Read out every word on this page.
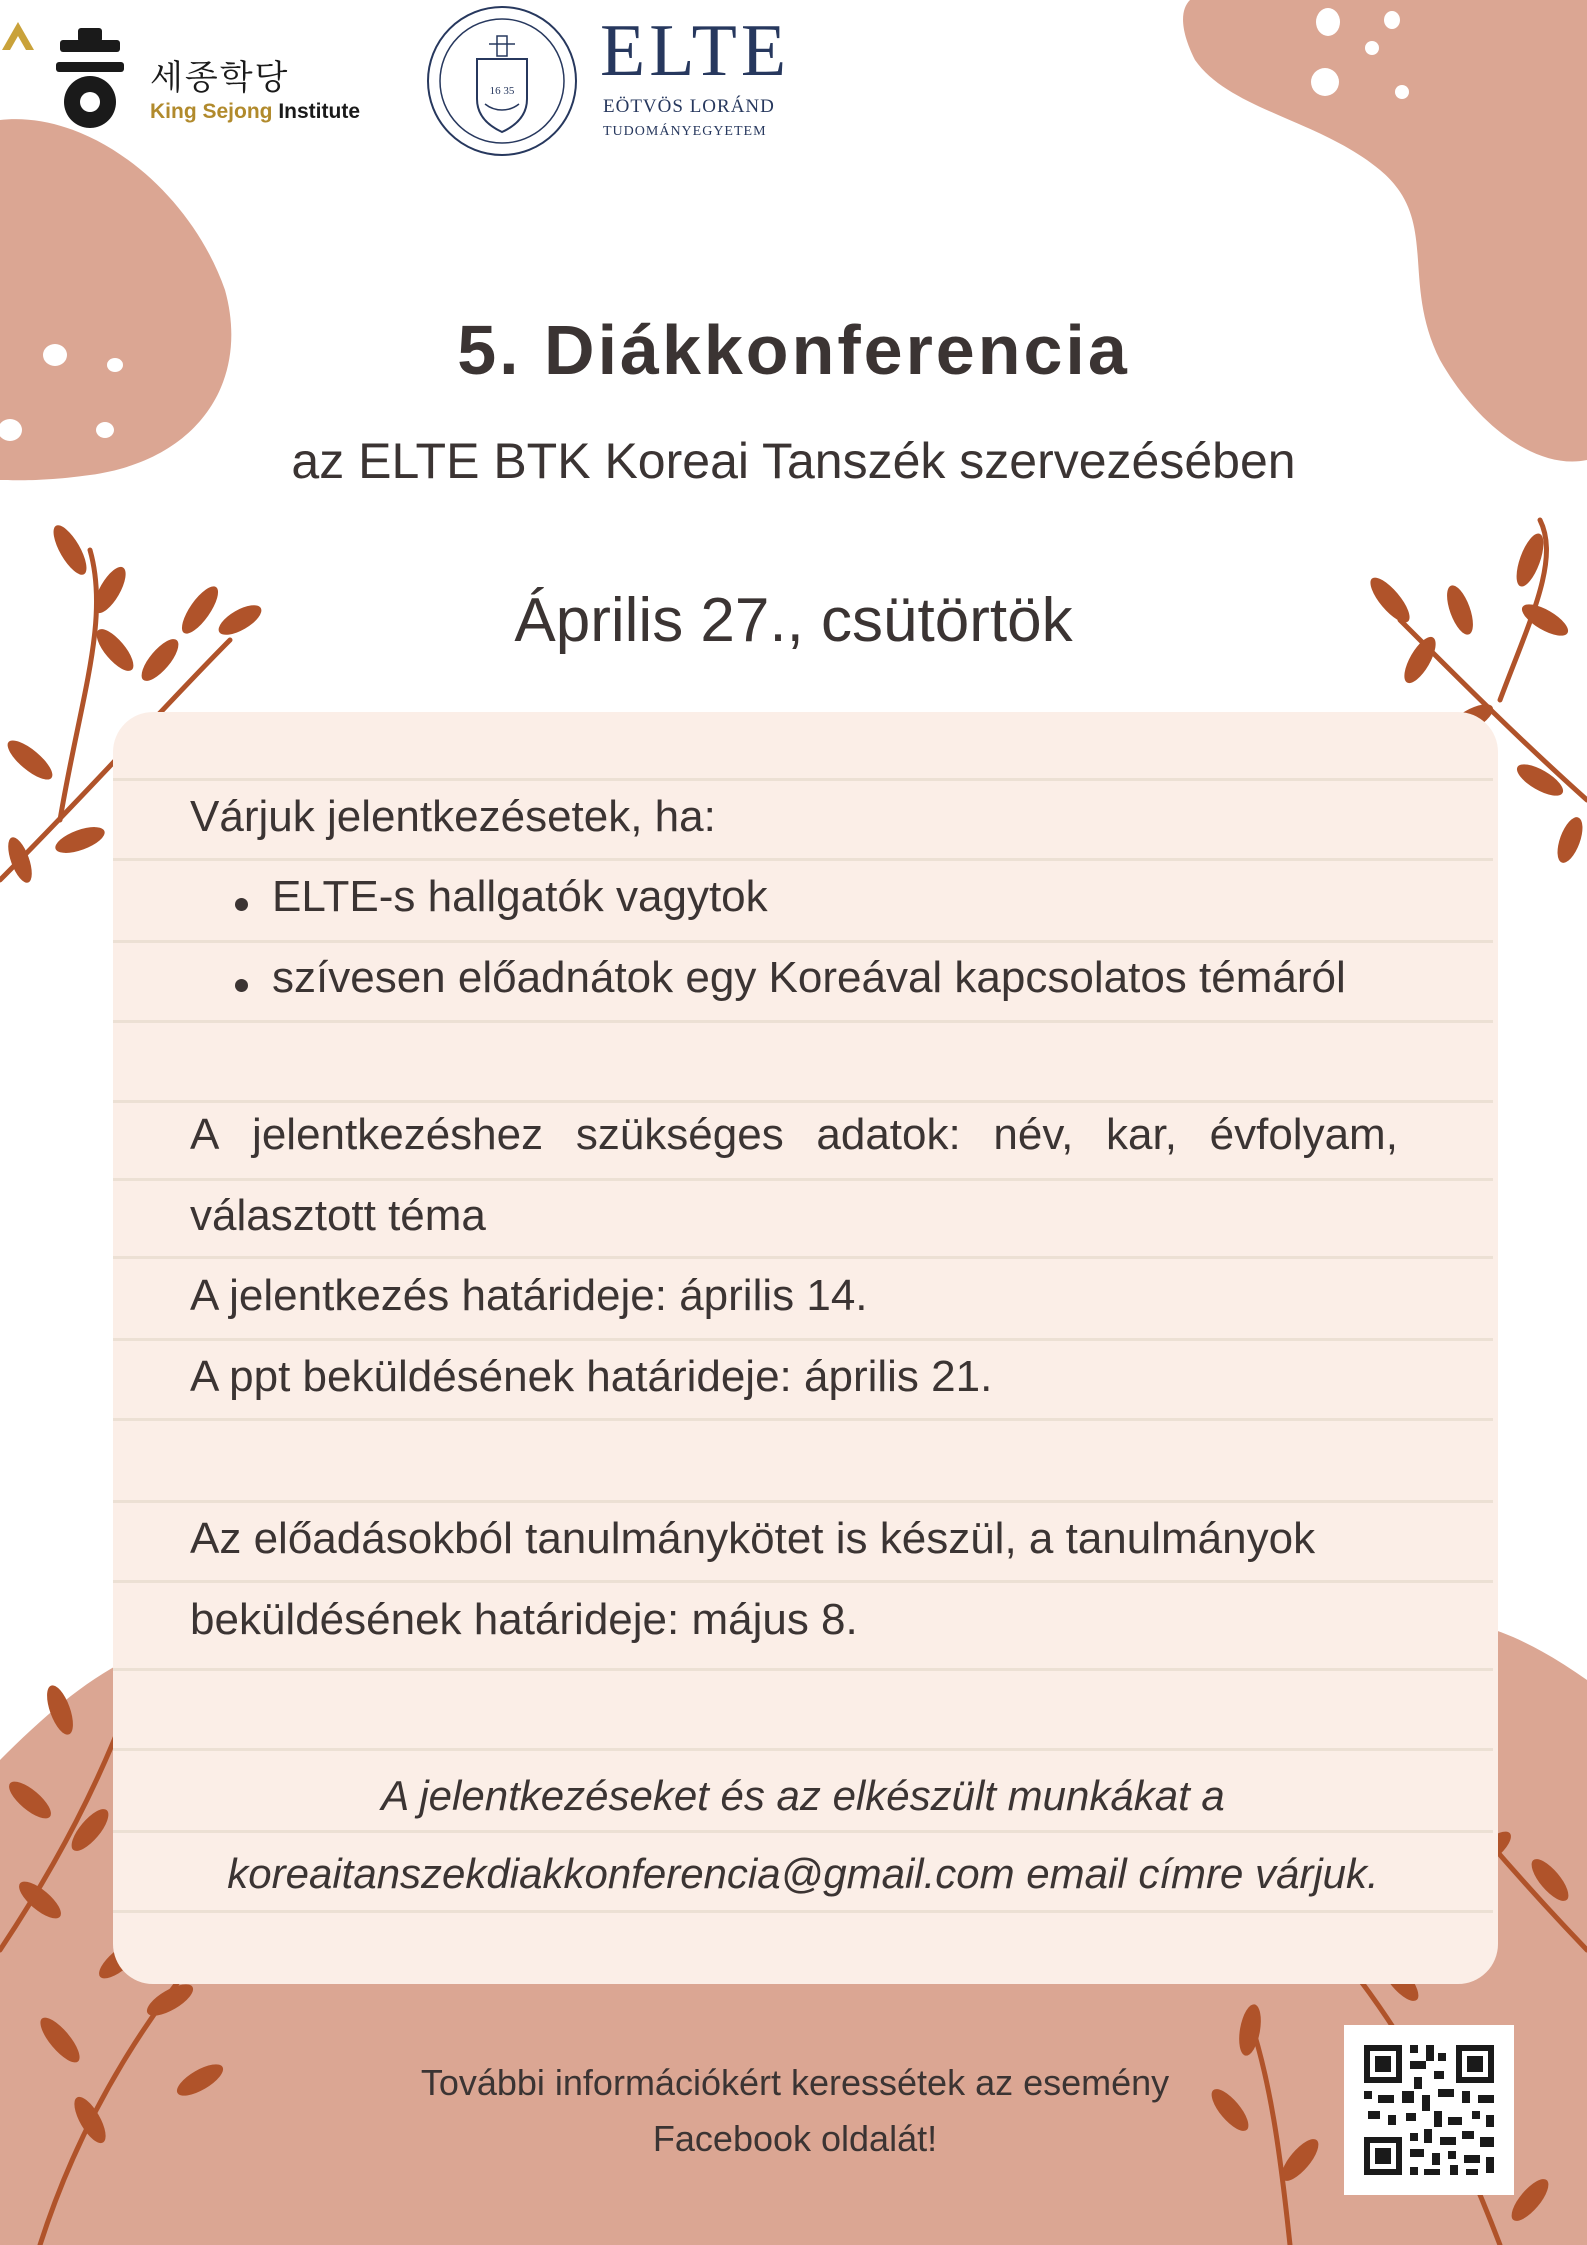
세종학당
King Sejong Institute
16 35 ELTE
EÖTVÖS LORÁND
TUDOMÁNYEGYETEM
5. Diákkonferencia
az ELTE BTK Koreai Tanszék szervezésében
Április 27., csütörtök
Várjuk jelentkezésetek, ha:
ELTE-s hallgatók vagytok
szívesen előadnátok egy Koreával kapcsolatos témáról
A jelentkezéshez szükséges adatok: név, kar, évfolyam,
választott téma
A jelentkezés határideje: április 14.
A ppt beküldésének határideje: április 21.
Az előadásokból tanulmánykötet is készül, a tanulmányok
beküldésének határideje: május 8.
A jelentkezéseket és az elkészült munkákat a
koreaitanszekdiakkonferencia@gmail.com email címre várjuk.
További információkért keressétek az esemény
Facebook oldalát!
